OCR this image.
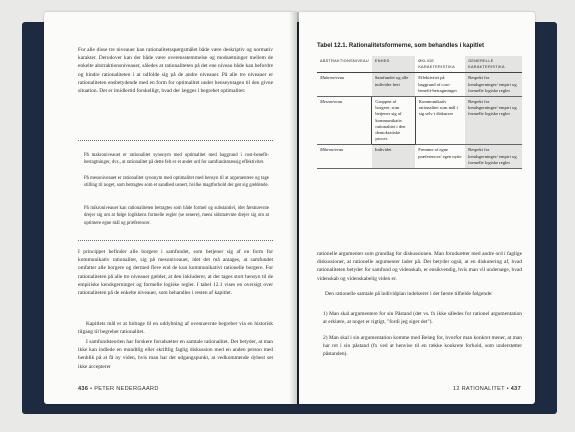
For alle disse tre niveauer kan rationalitetsspørgsmålet både være deskriptiv og normativ karakter. Derudover kan der både være overensstemmelse og modsætninger mellem de enkelte abstraktionsniveauer, således at rationaliteten på det ene niveau både kan befordre og hindre rationaliteten i at udfolde sig på de andre niveauer. På alle tre niveauer er rationaliteten ensbetydende med en form for optimalitet under henseyntagen til den givne situation. Det er imidlertid forskelligt, hvad der lægges i begrebet optimalitet:
På makroniveauet er rationalitet synonym med optimalitet med baggrund i cost-benefit-betragtninger, dvs., at rationalitet på dette felt er et andet ord for samfundsmæssig effektivitet.
På mesoniveauet er rationalitet synonym med optimalitet med hensyn til at argumentere og tage stilling til noget, som betragtes som et sandhed usnert, hvilke magtforhold der gør sig gældende.
På mikroniveauet kan rationaliteten betragtes som både formel og substantiel, idet førstnævnte drejer sig om at følge logikkens formelle regler (se senere), mens sidstnævnte drejer sig om at optimere egne mål og præferencer.
I princippet befinder alle borgere i samfundet, som betjener sig af en form for kommunikativ rationalitet, sig på mesoniveauet, idet det må antages, at samfundet omfatter alle borgere og dermed flere end de kun kommunikativt rationelle borgere. For rationaliteten på alle tre niveauer gælder, at den inkluderer, at der tages stort hensyn til de empiriske kendsgerninger og formelle logiske regler. I tabel 12.1 vises en oversigt over rationaliteten på de enkelte niveauer, som behandles i resten af kapitlet.
Kapitlets mål er at bidrage til en uddybning af ovennævnte begreber via en historisk tilgang til begrebet rationalitet.
I samfundsteorien har forskere forudsætter en samtale rationalitet. Det betyder, at man ikke kan indlede en mundtlig eller skriftlig faglig diskussion med en anden person med henblik på at få ny viden, hvis man har det udgangspunkt, at vedkommende dybest set ikke accepterer
436 • PETER NEDERGAARD
Tabel 12.1. Rationalitetsformerne, som behandles i kapitlet
ABSTRAKTIONSNIVEAU	ENHED	ØKLIGE KARAKTERISTIKA	GENERELLE KARAKTERISTIKA
Makroniveau	Samfundet og alle individer heri	Effektivitet på baggrund af cost-benefit-betragtninger	Respekt for kendsgerninger/ empiri og formelle logiske regler
Mesoniveau	Gruppen af borgere, som betjener sig af kommunikativ rationalitet i den demokratiske proces	Kommunikativ rationalitet som mål i sig selv i diskurser	Respekt for kendsgerninger/ empiri og formelle logiske regler
Mikroniveau	Individet	Fremme af egne præferencer/ egen nytte	Respekt for kendsgerninger/ empiri og formelle logiske regler
rationelle argumenter som grundlag for diskussionen. Man forudsætter med andre ord i faglige diskussioner, at rationelle argumenter lader på. Det betyder også, at en diskutering af, hvad rationaliteten betyder for samfund og videnskab, er ensikvendig, hvis man vil undersøge, hvad videnskab og videnskabelig viden er.
Den rationelle samtale på individplan indebærer i det første tilfælde følgende:
1) Man skal argumentere for sin Påstand (det vs. fx ikke således for rationel argumentation at erklære, at noget er rigtigt, "fordi jeg siger det").
2) Man skal i sin argumentation komme med Belæg for, hvorfor man konkret mener, at man har ret i sin påstand (fx ved at henvise til en række konkrete forhold, som understøtter påstanden).
12 RATIONALITET • 437
